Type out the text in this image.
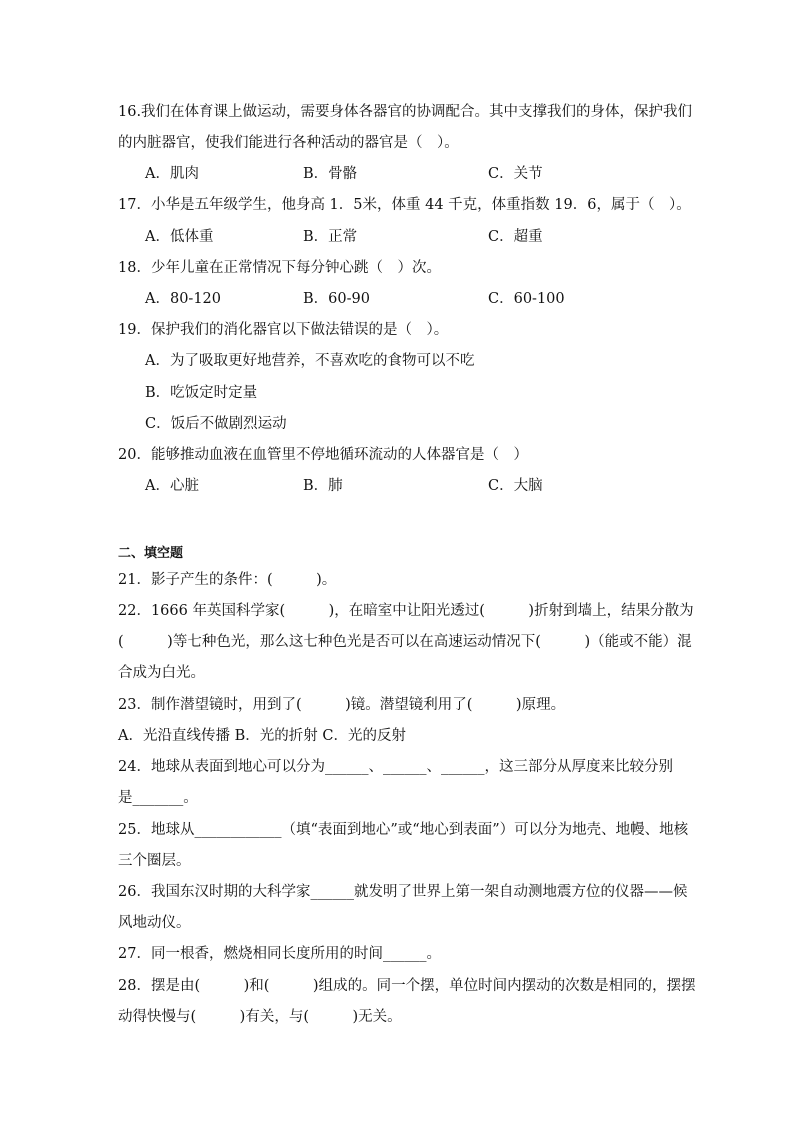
16.我们在体育课上做运动，需要身体各器官的协调配合。其中支撑我们的身体，保护我们
的内脏器官，使我们能进行各种活动的器官是（　）。
A．肌肉	B．骨骼	C．关节
17．小华是五年级学生，他身高 1．5米，体重 44 千克，体重指数 19．6，属于（　）。
A．低体重	B．正常	C．超重
18．少年儿童在正常情况下每分钟心跳（　）次。
A．80-120	B．60-90	C．60-100
19．保护我们的消化器官以下做法错误的是（　）。
A．为了吸取更好地营养，不喜欢吃的食物可以不吃
B．吃饭定时定量
C．饭后不做剧烈运动
20．能够推动血液在血管里不停地循环流动的人体器官是（　）
A．心脏	B．肺	C．大脑
二、填空题
21．影子产生的条件：(　　　)。
22．1666 年英国科学家(　　　)，在暗室中让阳光透过(　　　)折射到墙上，结果分散为
(　　　)等七种色光，那么这七种色光是否可以在高速运动情况下(　　　)（能或不能）混
合成为白光。
23．制作潜望镜时，用到了(　　　)镜。潜望镜利用了(　　　)原理。
A．光沿直线传播 B．光的折射 C．光的反射
24．地球从表面到地心可以分为______、______、______，这三部分从厚度来比较分别
是_______。
25．地球从____________（填“表面到地心”或“地心到表面”）可以分为地壳、地幔、地核
三个圈层。
26．我国东汉时期的大科学家______就发明了世界上第一架自动测地震方位的仪器——候
风地动仪。
27．同一根香，燃烧相同长度所用的时间______。
28．摆是由(　　　)和(　　　)组成的。同一个摆，单位时间内摆动的次数是相同的，摆摆
动得快慢与(　　　)有关，与(　　　)无关。
